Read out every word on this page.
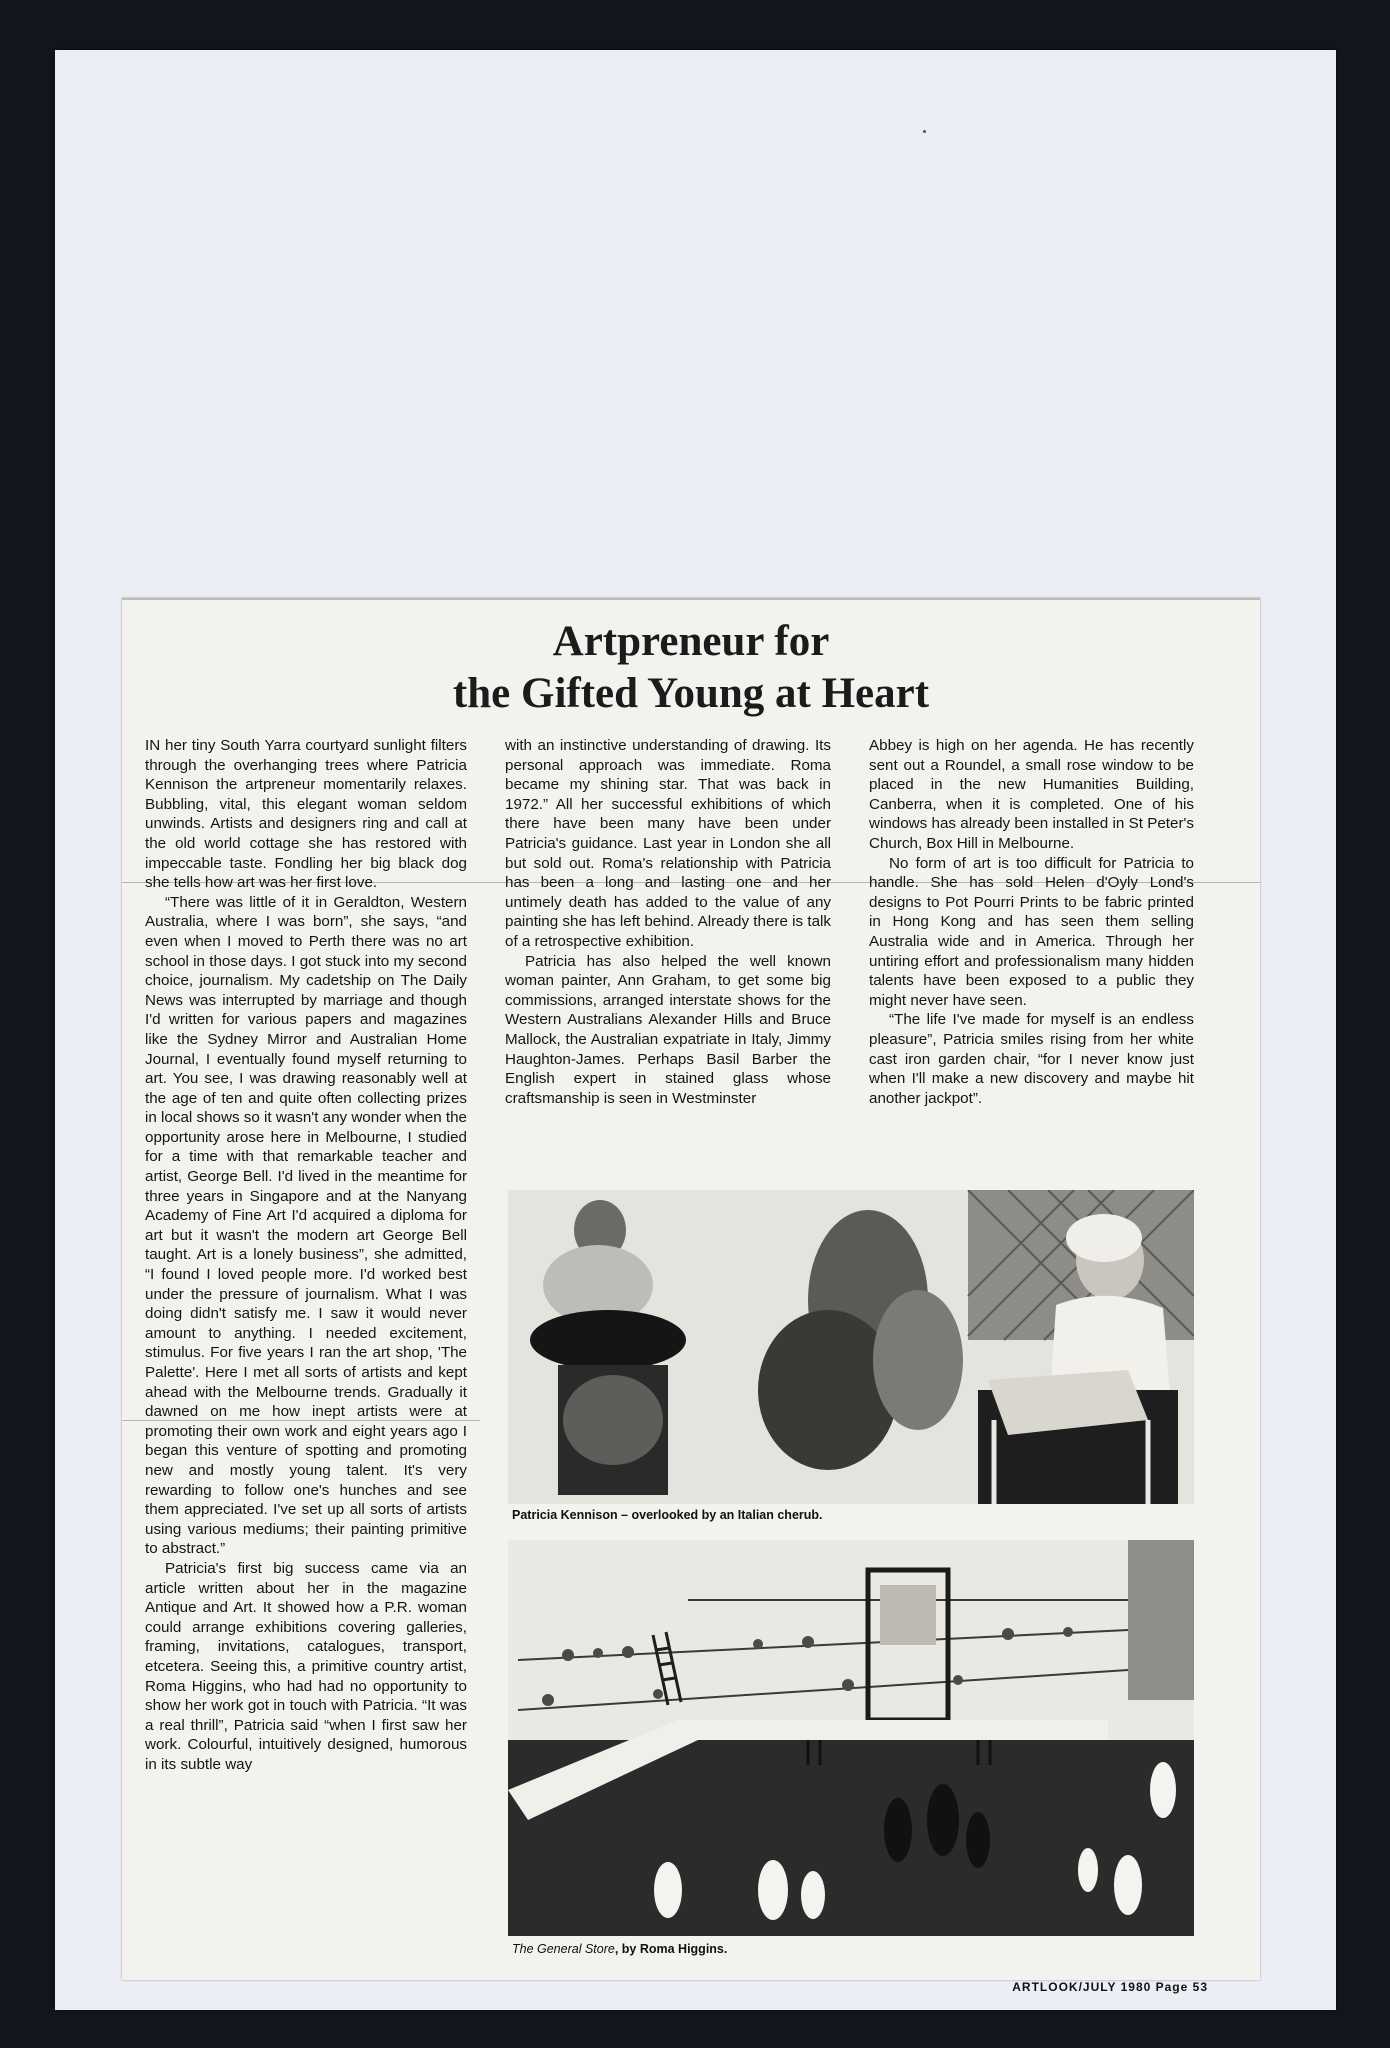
Artpreneur for
the Gifted Young at Heart

IN her tiny South Yarra courtyard sunlight filters through the overhanging trees where Patricia Kennison the artpreneur momentarily relaxes. Bubbling, vital, this elegant woman seldom unwinds. Artists and designers ring and call at the old world cottage she has restored with impeccable taste. Fondling her big black dog she tells how art was her first love.

“There was little of it in Geraldton, Western Australia, where I was born”, she says, “and even when I moved to Perth there was no art school in those days. I got stuck into my second choice, journalism. My cadetship on The Daily News was interrupted by marriage and though I'd written for various papers and magazines like the Sydney Mirror and Australian Home Journal, I eventually found myself returning to art. You see, I was drawing reasonably well at the age of ten and quite often collecting prizes in local shows so it wasn't any wonder when the opportunity arose here in Melbourne, I studied for a time with that remarkable teacher and artist, George Bell. I'd lived in the meantime for three years in Singapore and at the Nanyang Academy of Fine Art I'd acquired a diploma for art but it wasn't the modern art George Bell taught. Art is a lonely business”, she admitted, “I found I loved people more. I'd worked best under the pressure of journalism. What I was doing didn't satisfy me. I saw it would never amount to anything. I needed excitement, stimulus. For five years I ran the art shop, 'The Palette'. Here I met all sorts of artists and kept ahead with the Melbourne trends. Gradually it dawned on me how inept artists were at promoting their own work and eight years ago I began this venture of spotting and promoting new and mostly young talent. It's very rewarding to follow one's hunches and see them appreciated. I've set up all sorts of artists using various mediums; their painting primitive to abstract.”

Patricia's first big success came via an article written about her in the magazine Antique and Art. It showed how a P.R. woman could arrange exhibitions covering galleries, framing, invitations, catalogues, transport, etcetera. Seeing this, a primitive country artist, Roma Higgins, who had had no opportunity to show her work got in touch with Patricia. “It was a real thrill”, Patricia said “when I first saw her work. Colourful, intuitively designed, humorous in its subtle way

with an instinctive understanding of drawing. Its personal approach was immediate. Roma became my shining star. That was back in 1972.” All her successful exhibitions of which there have been many have been under Patricia's guidance. Last year in London she all but sold out. Roma's relationship with Patricia has been a long and lasting one and her untimely death has added to the value of any painting she has left behind. Already there is talk of a retrospective exhibition.

Patricia has also helped the well known woman painter, Ann Graham, to get some big commissions, arranged interstate shows for the Western Australians Alexander Hills and Bruce Mallock, the Australian expatriate in Italy, Jimmy Haughton-James. Perhaps Basil Barber the English expert in stained glass whose craftsmanship is seen in Westminster

Abbey is high on her agenda. He has recently sent out a Roundel, a small rose window to be placed in the new Humanities Building, Canberra, when it is completed. One of his windows has already been installed in St Peter's Church, Box Hill in Melbourne.

No form of art is too difficult for Patricia to handle. She has sold Helen d'Oyly Lond's designs to Pot Pourri Prints to be fabric printed in Hong Kong and has seen them selling Australia wide and in America. Through her untiring effort and professionalism many hidden talents have been exposed to a public they might never have seen.

“The life I've made for myself is an endless pleasure”, Patricia smiles rising from her white cast iron garden chair, “for I never know just when I'll make a new discovery and maybe hit another jackpot”.

Patricia Kennison – overlooked by an Italian cherub.
The General Store, by Roma Higgins.
ARTLOOK/JULY 1980 Page 53
